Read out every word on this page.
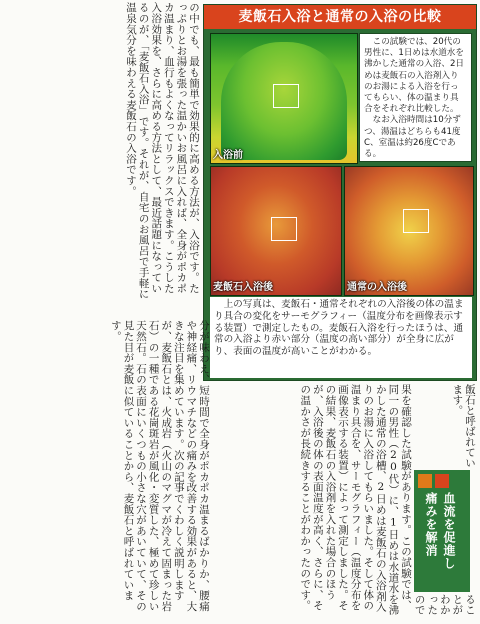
の中でも、最も簡単で効果的に高める方法が、入浴です。たっぷりとお湯を張った温かいお風呂に入れば、全身がポカポカ温まり、血行もよくなってリラックスできます。こうした入浴効果を、さらに高める方法として、最近話題になっているのが、「麦飯石入浴」です。それが、自宅のお風呂で手軽に温泉気分を味わえる麦飯石の入浴です。	麦飯石入浴と通常の入浴の比較
入浴前

この試験では、20代の男性に、1日めは水道水を沸かした通常の入浴、2日めは麦飯石の入浴剤入りのお湯による入浴を行ってもらい、体の温まり具合をそれぞれ比較した。

なお入浴時間は10分ずつ、湯温はどちらも41度C、室温は約26度Cである。

麦飯石入浴後	通常の入浴後

上の写真は、麦飯石・通常それぞれの入浴後の体の温まり具合の変化をサーモグラフィー（温度分布を画像表示する装置）で測定したもの。麦飯石入浴を行ったほうは、通常の入浴より赤い部分（温度の高い部分）が全身に広がり、表面の温度が高いことがわかる。

分が味わえ、短時間で全身がポカポカ温まるばかりか、腰痛や神経痛、リウマチなどの痛みを改善する効果があると、大きな注目を集めています。次の記事でくわしく説明しますが、麦飯石とは、火成岩（火山のマグマが冷えて固まった岩石）の一種である花崗斑岩が風化・変質した、極めて珍しい天然石。石の表面にいくつもの小さな穴があいていて、その見た目が麦飯に似ていることから、麦飯石と呼ばれています。

果を確認した試験があります。この試験では、同一の男性（20代）に、1日めは水道水を沸かした通常の浴槽、2日めは麦飯石の入浴剤入りのお湯に入浴してもらいました。そして体の温まり具合を、サーモグラフィー（温度分布を画像表示する装置）によって測定しました。その結果、麦飯石の入浴剤を入れた場合のほうが、入浴後の体の表面温度が高く、さらに、その温かさが長続きすることがわかったのです。	飯石と呼ばれています。
血流を促進し
痛みを解消
ることがわかったので
